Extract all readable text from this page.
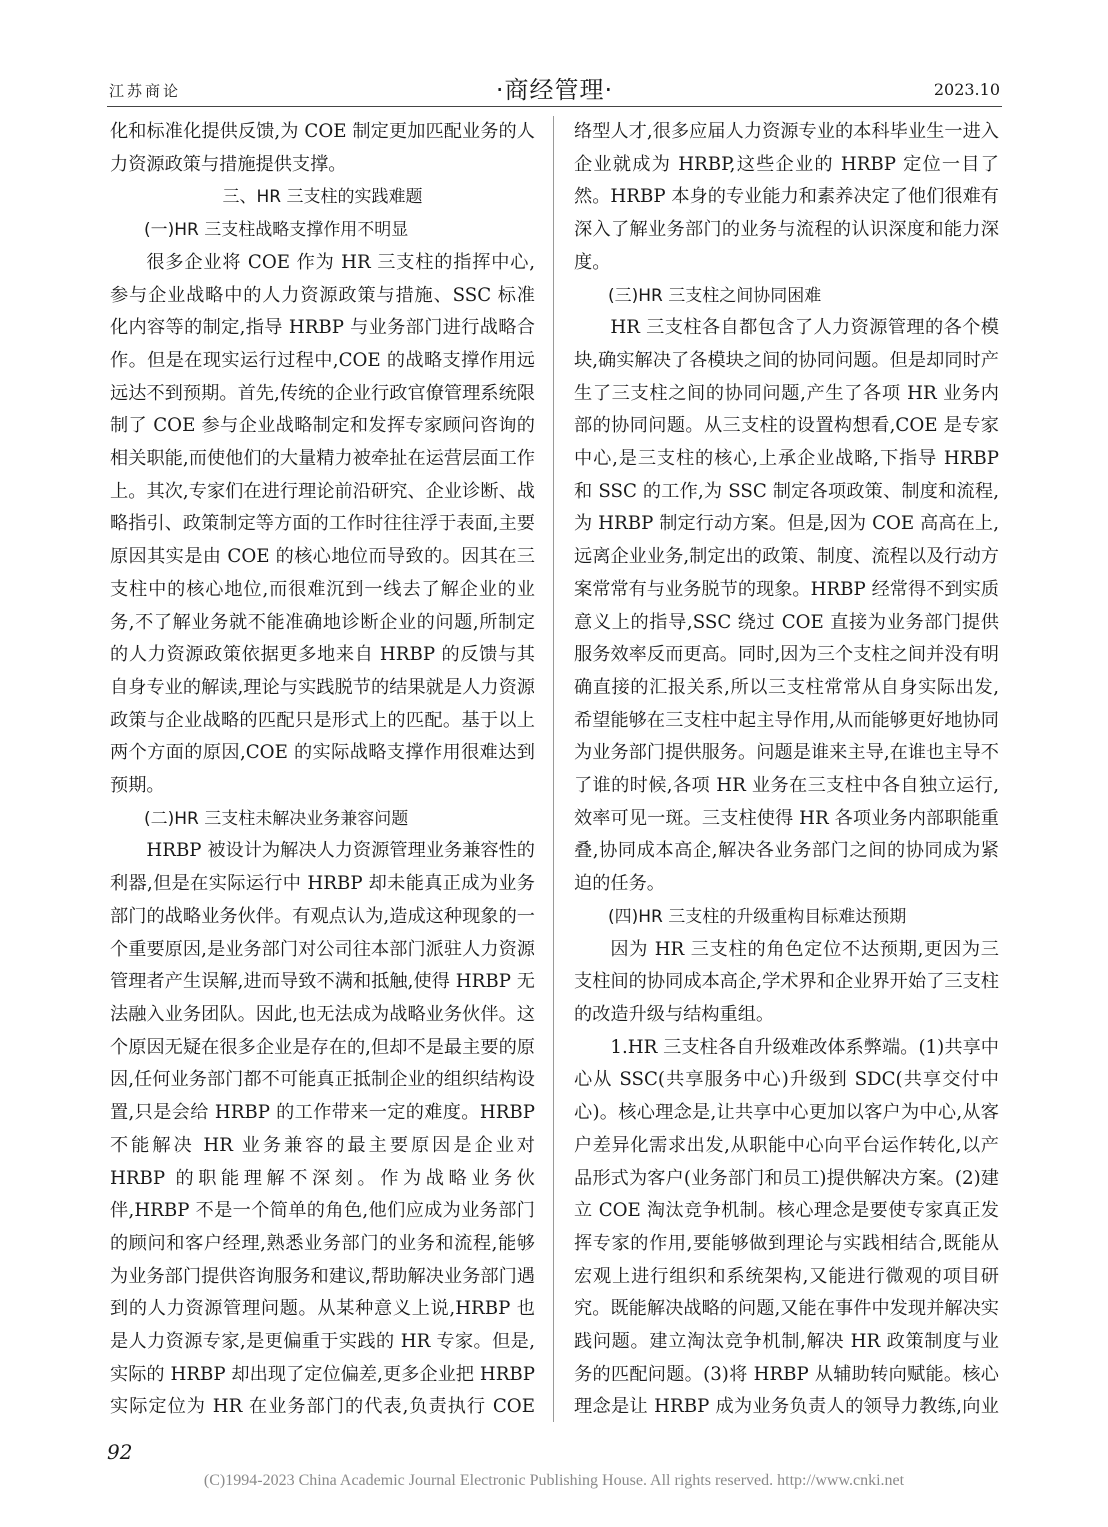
江苏商论	·商经管理·	2023.10

化和标准化提供反馈,为 COE 制定更加匹配业务的人力资源政策与措施提供支撑。

三、HR 三支柱的实践难题

(一)HR 三支柱战略支撑作用不明显

很多企业将 COE 作为 HR 三支柱的指挥中心,参与企业战略中的人力资源政策与措施、SSC 标准化内容等的制定,指导 HRBP 与业务部门进行战略合作。但是在现实运行过程中,COE 的战略支撑作用远远达不到预期。首先,传统的企业行政官僚管理系统限制了 COE 参与企业战略制定和发挥专家顾问咨询的相关职能,而使他们的大量精力被牵扯在运营层面工作上。其次,专家们在进行理论前沿研究、企业诊断、战略指引、政策制定等方面的工作时往往浮于表面,主要原因其实是由 COE 的核心地位而导致的。因其在三支柱中的核心地位,而很难沉到一线去了解企业的业务,不了解业务就不能准确地诊断企业的问题,所制定的人力资源政策依据更多地来自 HRBP 的反馈与其自身专业的解读,理论与实践脱节的结果就是人力资源政策与企业战略的匹配只是形式上的匹配。基于以上两个方面的原因,COE 的实际战略支撑作用很难达到预期。

(二)HR 三支柱未解决业务兼容问题

HRBP 被设计为解决人力资源管理业务兼容性的利器,但是在实际运行中 HRBP 却未能真正成为业务部门的战略业务伙伴。有观点认为,造成这种现象的一个重要原因,是业务部门对公司往本部门派驻人力资源管理者产生误解,进而导致不满和抵触,使得 HRBP 无法融入业务团队。因此,也无法成为战略业务伙伴。这个原因无疑在很多企业是存在的,但却不是最主要的原因,任何业务部门都不可能真正抵制企业的组织结构设置,只是会给 HRBP 的工作带来一定的难度。HRBP 不能解决 HR 业务兼容的最主要原因是企业对 HRBP 的职能理解不深刻。作为战略业务伙伴,HRBP 不是一个简单的角色,他们应成为业务部门的顾问和客户经理,熟悉业务部门的业务和流程,能够为业务部门提供咨询服务和建议,帮助解决业务部门遇到的人力资源管理问题。从某种意义上说,HRBP 也是人力资源专家,是更偏重于实践的 HR 专家。但是,实际的 HRBP 却出现了定位偏差,更多企业把 HRBP 实际定位为 HR 在业务部门的代表,负责执行 COE

络型人才,很多应届人力资源专业的本科毕业生一进入企业就成为 HRBP,这些企业的 HRBP 定位一目了然。HRBP 本身的专业能力和素养决定了他们很难有深入了解业务部门的业务与流程的认识深度和能力深度。

(三)HR 三支柱之间协同困难

HR 三支柱各自都包含了人力资源管理的各个模块,确实解决了各模块之间的协同问题。但是却同时产生了三支柱之间的协同问题,产生了各项 HR 业务内部的协同问题。从三支柱的设置构想看,COE 是专家中心,是三支柱的核心,上承企业战略,下指导 HRBP 和 SSC 的工作,为 SSC 制定各项政策、制度和流程,为 HRBP 制定行动方案。但是,因为 COE 高高在上,远离企业业务,制定出的政策、制度、流程以及行动方案常常有与业务脱节的现象。HRBP 经常得不到实质意义上的指导,SSC 绕过 COE 直接为业务部门提供服务效率反而更高。同时,因为三个支柱之间并没有明确直接的汇报关系,所以三支柱常常从自身实际出发,希望能够在三支柱中起主导作用,从而能够更好地协同为业务部门提供服务。问题是谁来主导,在谁也主导不了谁的时候,各项 HR 业务在三支柱中各自独立运行,效率可见一斑。三支柱使得 HR 各项业务内部职能重叠,协同成本高企,解决各业务部门之间的协同成为紧迫的任务。

(四)HR 三支柱的升级重构目标难达预期

因为 HR 三支柱的角色定位不达预期,更因为三支柱间的协同成本高企,学术界和企业界开始了三支柱的改造升级与结构重组。

1.HR 三支柱各自升级难改体系弊端。(1)共享中心从 SSC(共享服务中心)升级到 SDC(共享交付中心)。核心理念是,让共享中心更加以客户为中心,从客户差异化需求出发,从职能中心向平台运作转化,以产品形式为客户(业务部门和员工)提供解决方案。(2)建立 COE 淘汰竞争机制。核心理念是要使专家真正发挥专家的作用,要能够做到理论与实践相结合,既能从宏观上进行组织和系统架构,又能进行微观的项目研究。既能解决战略的问题,又能在事件中发现并解决实践问题。建立淘汰竞争机制,解决 HR 政策制度与业务的匹配问题。(3)将 HRBP 从辅助转向赋能。核心理念是让 HRBP 成为业务负责人的领导力教练,向业

92
(C)1994-2023 China Academic Journal Electronic Publishing House. All rights reserved. http://www.cnki.net
